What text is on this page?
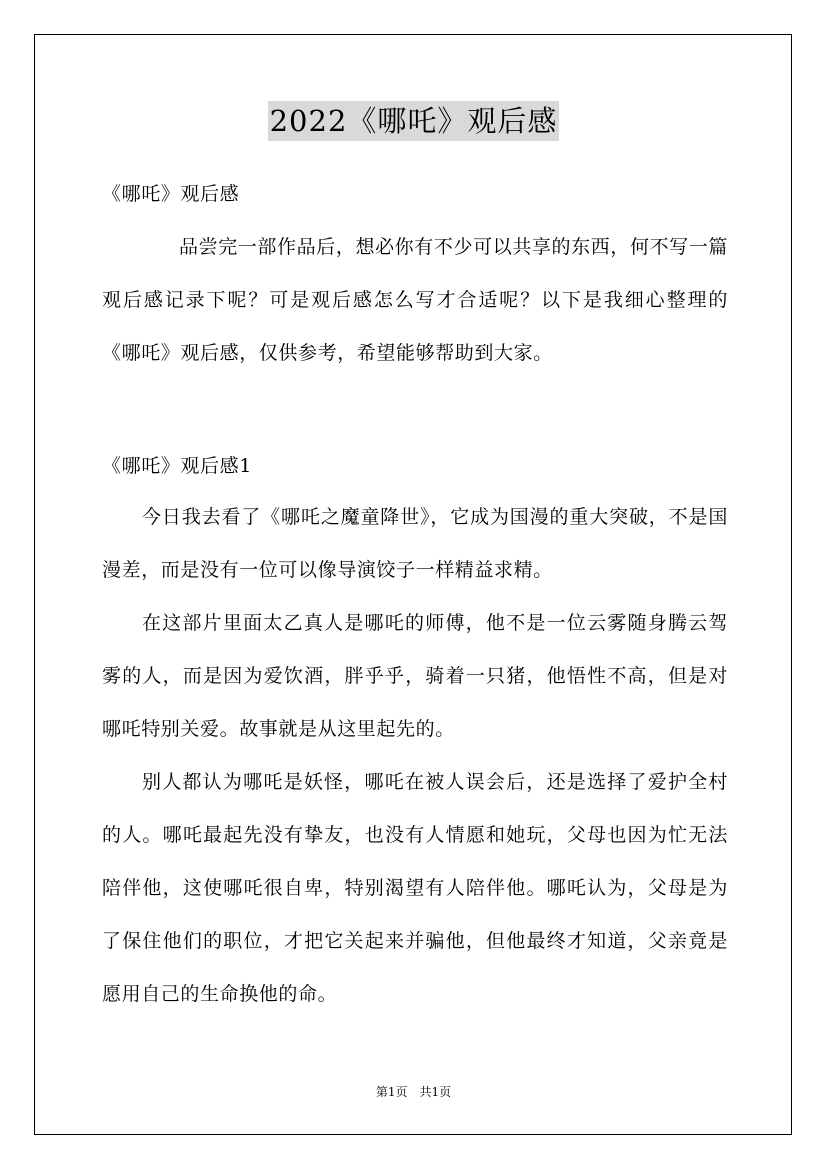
2022《哪吒》观后感
《哪吒》观后感
品尝完一部作品后，想必你有不少可以共享的东西，何不写一篇观后感记录下呢？可是观后感怎么写才合适呢？以下是我细心整理的《哪吒》观后感，仅供参考，希望能够帮助到大家。
《哪吒》观后感1
今日我去看了《哪吒之魔童降世》，它成为国漫的重大突破，不是国漫差，而是没有一位可以像导演饺子一样精益求精。
在这部片里面太乙真人是哪吒的师傅，他不是一位云雾随身腾云驾雾的人，而是因为爱饮酒，胖乎乎，骑着一只猪，他悟性不高，但是对哪吒特别关爱。故事就是从这里起先的。
别人都认为哪吒是妖怪，哪吒在被人误会后，还是选择了爱护全村的人。哪吒最起先没有挚友，也没有人情愿和她玩，父母也因为忙无法陪伴他，这使哪吒很自卑，特别渴望有人陪伴他。哪吒认为，父母是为了保住他们的职位，才把它关起来并骗他，但他最终才知道，父亲竟是愿用自己的生命换他的命。
第1页　共1页
